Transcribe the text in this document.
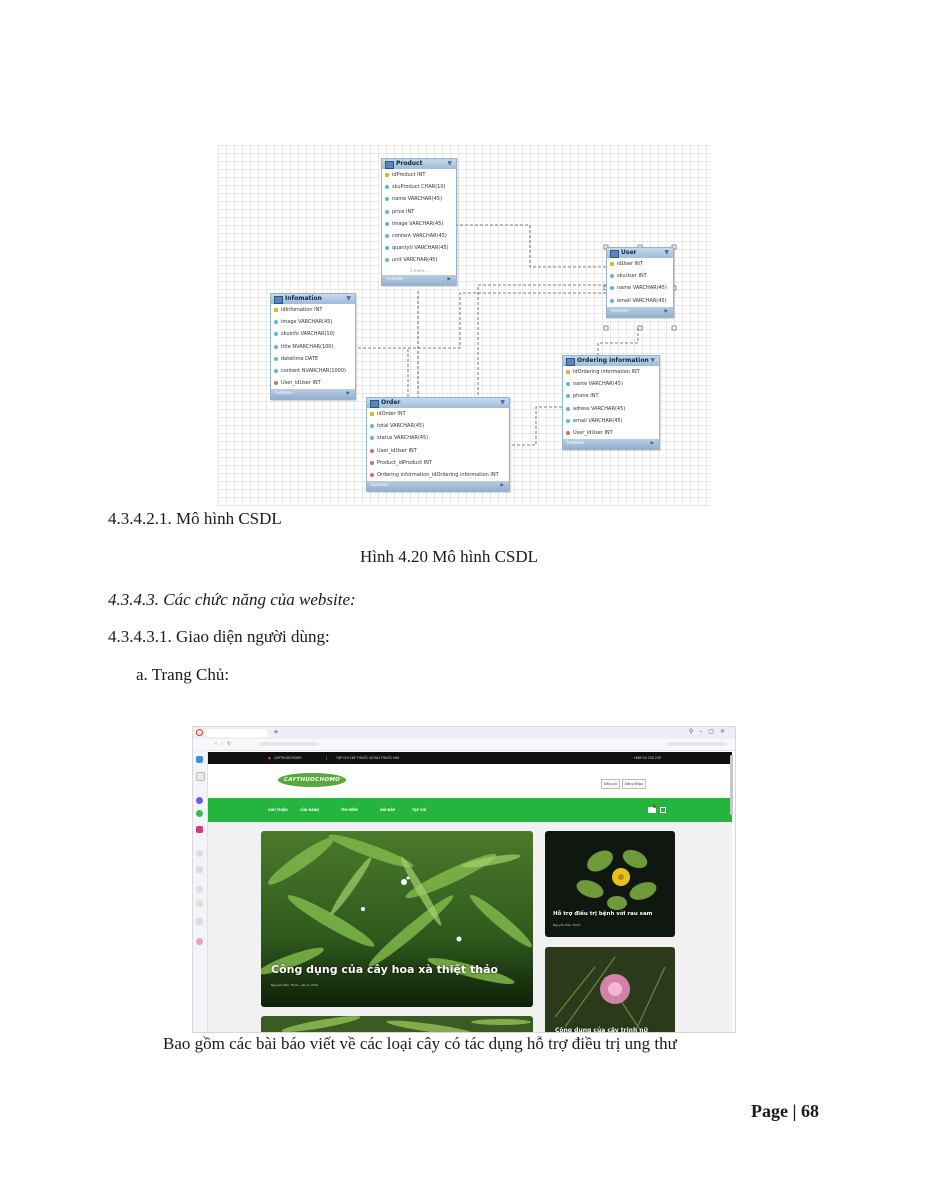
Product	▼
idProduct INT
skuProduct CHAR(10)
name VARCHAR(45)
price INT
image VARCHAR(45)
content VARCHAR(45)
quantyti VARCHAR(45)
unit VARCHAR(45)
1 more...
Indexes	▶
User	▼
idUser INT
skuUser INT
name VARCHAR(45)
email VARCHAR(45)
Indexes	▶
Infomation	▼
idInfomation INT
image VARCHAR(45)
skuInfo VARCHAR(10)
title NVARCHAR(100)
datetime DATE
content NVARCHAR(1000)
User_idUser INT
Indexes	▶
Order	▼
idOrder INT
total VARCHAR(45)
status VARCHAR(45)
User_idUser INT
Product_idProduct INT
Ordering information_idOrdering information INT
Indexes	▶
Ordering information ▼
idOrdering information INT
name VARCHAR(45)
phone INT
adress VARCHAR(45)
email VARCHAR(45)
User_idUser INT
Indexes	▶
4.3.4.2.1. Mô hình CSDL
Hình 4.20 Mô hình CSDL
4.3.4.3. Các chức năng của website:
4.3.4.3.1. Giao diện người dùng:
a. Trang Chủ:
+	⚲–▢✕
‹›↻
● CAYTHUOCHOMO	|	TẠP CHÍ CÂY THUỐC VÀ BÀI THUỐC HAY	+880 54 250 235
CAYTHUOCHOMO
Đăng ký	Đăng Nhập
GIỚI THIỆU	CỬA HÀNG	TÌM KIẾM	HỎI ĐÁP	TẠP CHÍ
Công dụng của cây hoa xà thiệt thảo
Nguyễn Bảo Thịnh - Jan 6, 2021
Hỗ trợ điều trị bệnh với rau sam
Nguyễn Bảo Thịnh
Công dụng của cây trinh nữ
Bao gồm các bài báo viết về các loại cây có tác dụng hỗ trợ điều trị ung thư
Page | 68
